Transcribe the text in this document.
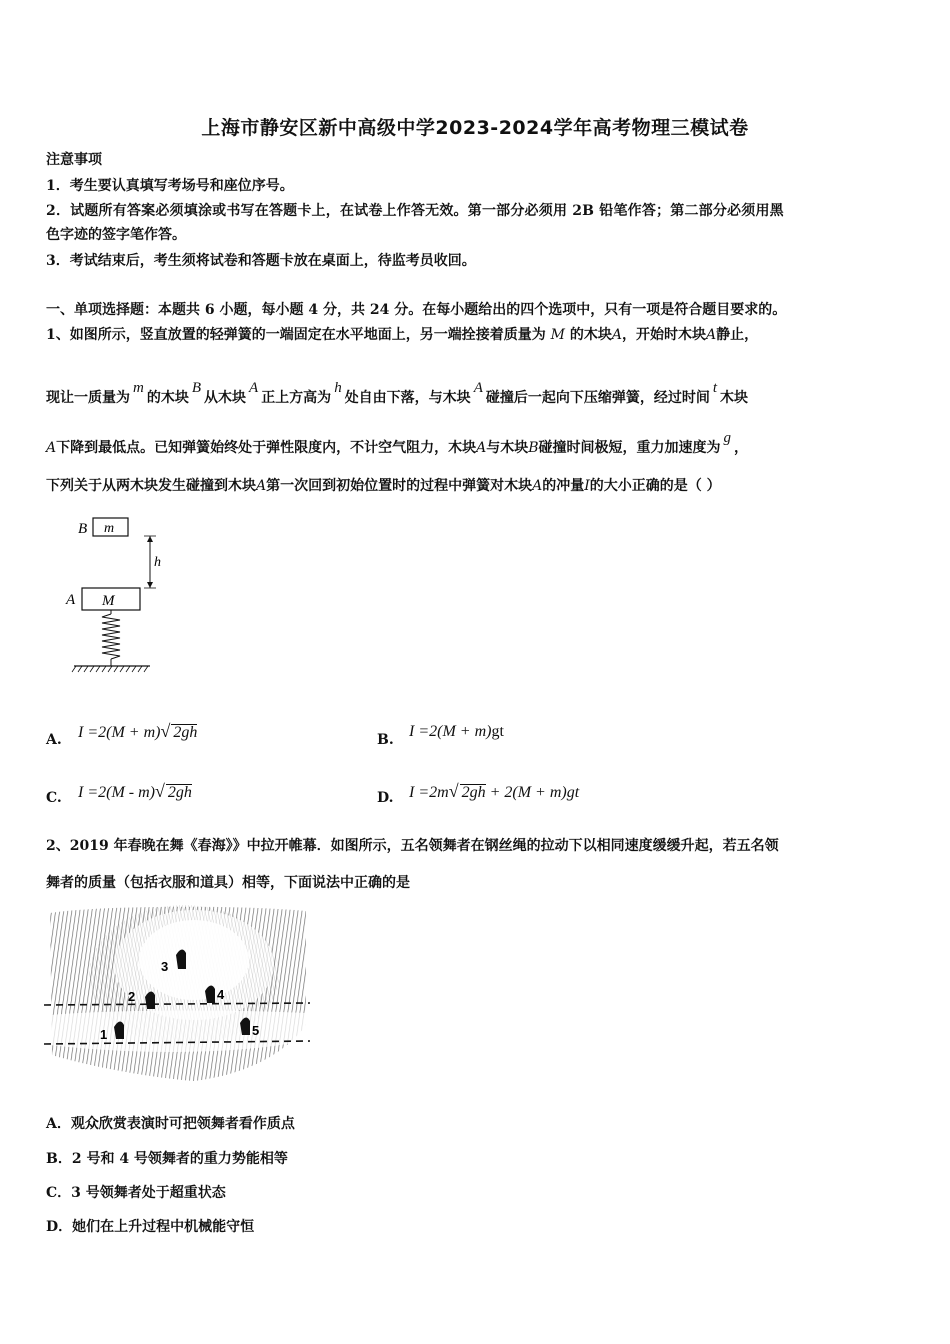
上海市静安区新中高级中学2023-2024学年高考物理三模试卷
注意事项
1．考生要认真填写考场号和座位序号。
2．试题所有答案必须填涂或书写在答题卡上，在试卷上作答无效。第一部分必须用 2B 铅笔作答；第二部分必须用黑
色字迹的签字笔作答。
3．考试结束后，考生须将试卷和答题卡放在桌面上，待监考员收回。
一、单项选择题：本题共 6 小题，每小题 4 分，共 24 分。在每小题给出的四个选项中，只有一项是符合题目要求的。
1、如图所示，竖直放置的轻弹簧的一端固定在水平地面上，另一端拴接着质量为 M 的木块A，开始时木块A静止，
现让一质量为m的木块B从木块A正上方高为h处自由下落，与木块A碰撞后一起向下压缩弹簧，经过时间t木块
A下降到最低点。已知弹簧始终处于弹性限度内，不计空气阻力，木块A与木块B碰撞时间极短，重力加速度为g，
下列关于从两木块发生碰撞到木块A第一次回到初始位置时的过程中弹簧对木块A的冲量I的大小正确的是（ ）
B m
h
A M
A. I =2(M + m)√ 2gh	B. I =2(M + m)gt
C. I =2(M - m)√ 2gh	D. I =2m√ 2gh + 2(M + m)gt
2、2019 年春晚在舞《春海》》中拉开帷幕．如图所示，五名领舞者在钢丝绳的拉动下以相同速度缓缓升起，若五名领
舞者的质量（包括衣服和道具）相等，下面说法中正确的是
3
2	4
1	5
A．观众欣赏表演时可把领舞者看作质点
B．2 号和 4 号领舞者的重力势能相等
C．3 号领舞者处于超重状态
D．她们在上升过程中机械能守恒
